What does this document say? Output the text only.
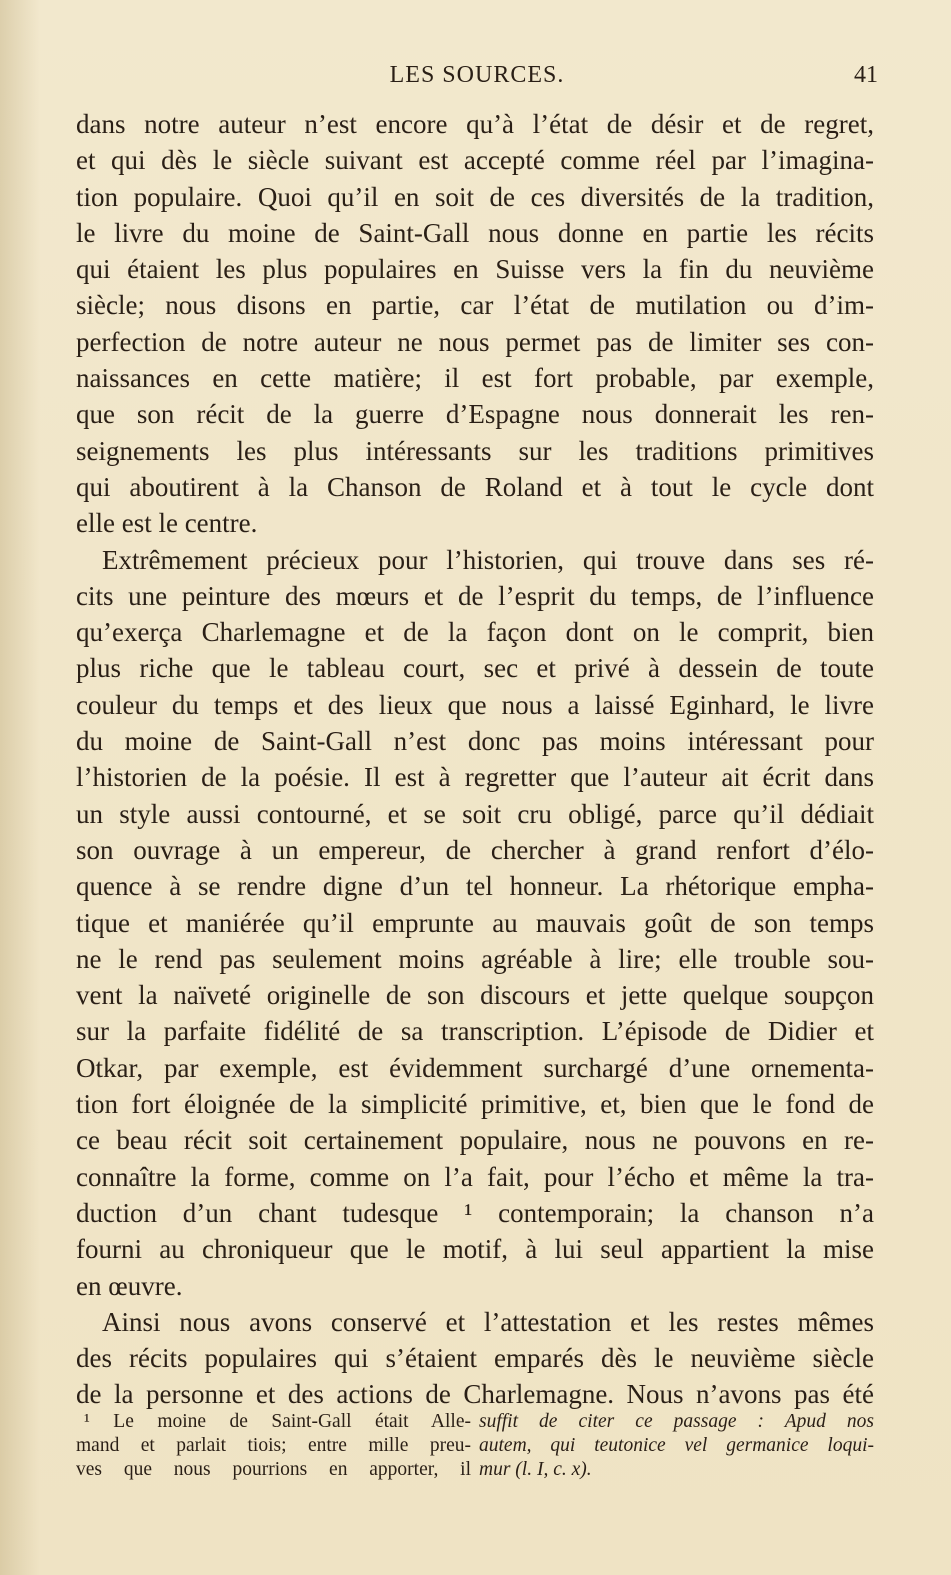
LES SOURCES.	41
dans notre auteur n’est encore qu’à l’état de désir et de regret,
et qui dès le siècle suivant est accepté comme réel par l’imagina-
tion populaire. Quoi qu’il en soit de ces diversités de la tradition,
le livre du moine de Saint-Gall nous donne en partie les récits
qui étaient les plus populaires en Suisse vers la fin du neuvième
siècle; nous disons en partie, car l’état de mutilation ou d’im-
perfection de notre auteur ne nous permet pas de limiter ses con-
naissances en cette matière; il est fort probable, par exemple,
que son récit de la guerre d’Espagne nous donnerait les ren-
seignements les plus intéressants sur les traditions primitives
qui aboutirent à la Chanson de Roland et à tout le cycle dont
elle est le centre.
Extrêmement précieux pour l’historien, qui trouve dans ses ré-
cits une peinture des mœurs et de l’esprit du temps, de l’influence
qu’exerça Charlemagne et de la façon dont on le comprit, bien
plus riche que le tableau court, sec et privé à dessein de toute
couleur du temps et des lieux que nous a laissé Eginhard, le livre
du moine de Saint-Gall n’est donc pas moins intéressant pour
l’historien de la poésie. Il est à regretter que l’auteur ait écrit dans
un style aussi contourné, et se soit cru obligé, parce qu’il dédiait
son ouvrage à un empereur, de chercher à grand renfort d’élo-
quence à se rendre digne d’un tel honneur. La rhétorique empha-
tique et maniérée qu’il emprunte au mauvais goût de son temps
ne le rend pas seulement moins agréable à lire; elle trouble sou-
vent la naïveté originelle de son discours et jette quelque soupçon
sur la parfaite fidélité de sa transcription. L’épisode de Didier et
Otkar, par exemple, est évidemment surchargé d’une ornementa-
tion fort éloignée de la simplicité primitive, et, bien que le fond de
ce beau récit soit certainement populaire, nous ne pouvons en re-
connaître la forme, comme on l’a fait, pour l’écho et même la tra-
duction d’un chant tudesque ¹ contemporain; la chanson n’a
fourni au chroniqueur que le motif, à lui seul appartient la mise
en œuvre.
Ainsi nous avons conservé et l’attestation et les restes mêmes
des récits populaires qui s’étaient emparés dès le neuvième siècle
de la personne et des actions de Charlemagne. Nous n’avons pas été
¹ Le moine de Saint-Gall était Alle-
mand et parlait tiois; entre mille preu-
ves que nous pourrions en apporter, il
suffit de citer ce passage : Apud nos
autem, qui teutonice vel germanice loqui-
mur (l. I, c. x).
